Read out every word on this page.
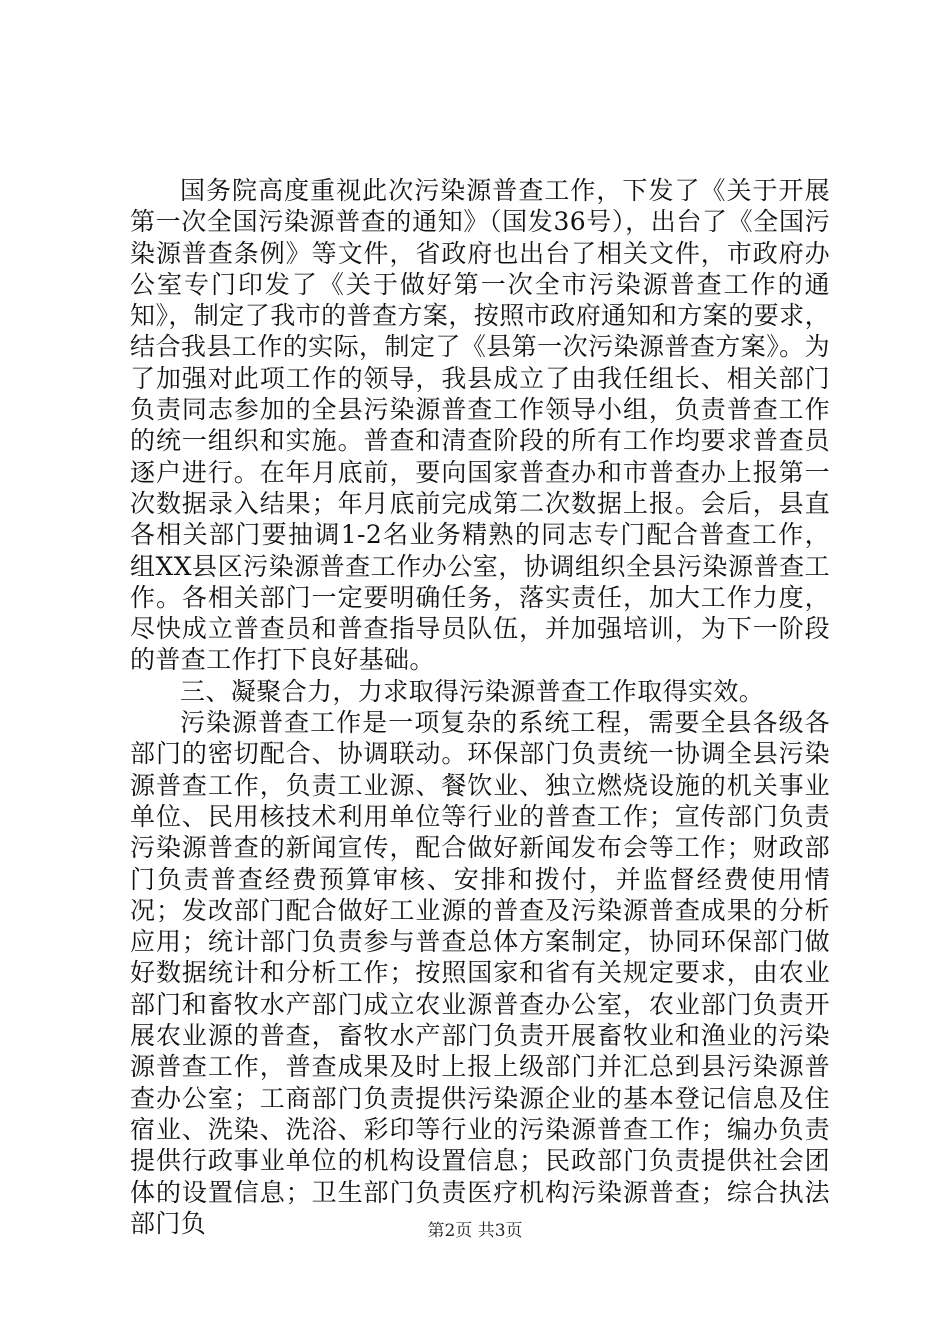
国务院高度重视此次污染源普查工作，下发了《关于开展第一次全国污染源普查的通知》（国发36号），出台了《全国污染源普查条例》等文件，省政府也出台了相关文件，市政府办公室专门印发了《关于做好第一次全市污染源普查工作的通知》，制定了我市的普查方案，按照市政府通知和方案的要求，结合我县工作的实际，制定了《县第一次污染源普查方案》。为了加强对此项工作的领导，我县成立了由我任组长、相关部门负责同志参加的全县污染源普查工作领导小组，负责普查工作的统一组织和实施。普查和清查阶段的所有工作均要求普查员逐户进行。在年月底前，要向国家普查办和市普查办上报第一次数据录入结果；年月底前完成第二次数据上报。会后，县直各相关部门要抽调1-2名业务精熟的同志专门配合普查工作，组XX县区污染源普查工作办公室，协调组织全县污染源普查工作。各相关部门一定要明确任务，落实责任，加大工作力度，尽快成立普查员和普查指导员队伍，并加强培训，为下一阶段的普查工作打下良好基础。

三、凝聚合力，力求取得污染源普查工作取得实效。

污染源普查工作是一项复杂的系统工程，需要全县各级各部门的密切配合、协调联动。环保部门负责统一协调全县污染源普查工作，负责工业源、餐饮业、独立燃烧设施的机关事业单位、民用核技术利用单位等行业的普查工作；宣传部门负责污染源普查的新闻宣传，配合做好新闻发布会等工作；财政部门负责普查经费预算审核、安排和拨付，并监督经费使用情况；发改部门配合做好工业源的普查及污染源普查成果的分析应用；统计部门负责参与普查总体方案制定，协同环保部门做好数据统计和分析工作；按照国家和省有关规定要求，由农业部门和畜牧水产部门成立农业源普查办公室，农业部门负责开展农业源的普查，畜牧水产部门负责开展畜牧业和渔业的污染源普查工作，普查成果及时上报上级部门并汇总到县污染源普查办公室；工商部门负责提供污染源企业的基本登记信息及住宿业、洗染、洗浴、彩印等行业的污染源普查工作；编办负责提供行政事业单位的机构设置信息；民政部门负责提供社会团体的设置信息；卫生部门负责医疗机构污染源普查；综合执法部门负	第2页 共3页
